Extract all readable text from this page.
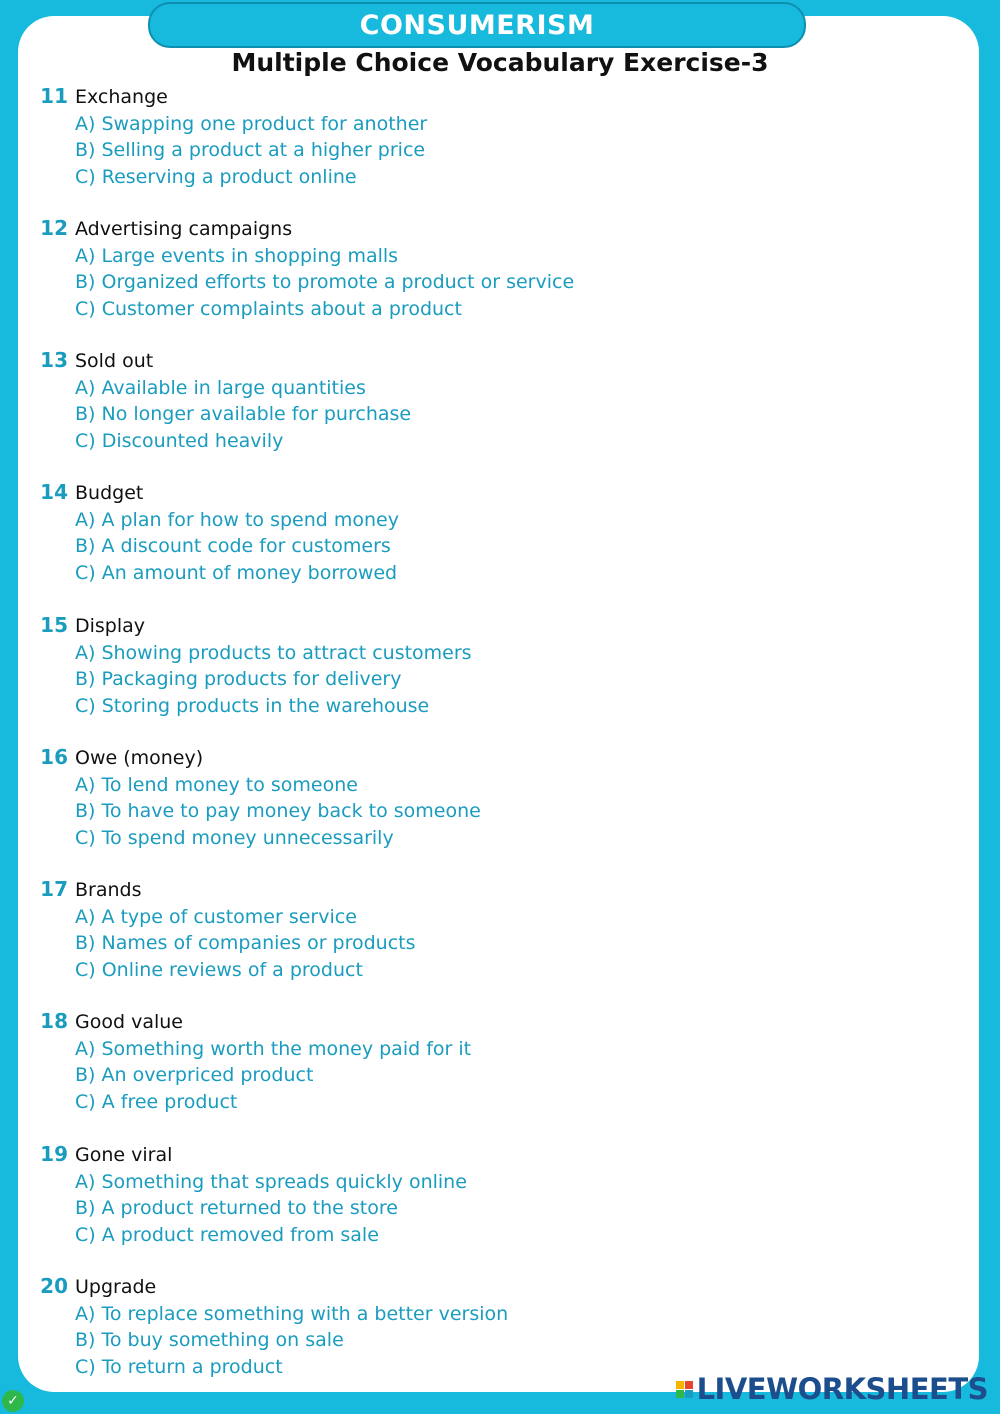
CONSUMERISM
Multiple Choice Vocabulary Exercise-3
11 Exchange
A) Swapping one product for another
B) Selling a product at a higher price
C) Reserving a product online
12 Advertising campaigns
A) Large events in shopping malls
B) Organized efforts to promote a product or service
C) Customer complaints about a product
13 Sold out
A) Available in large quantities
B) No longer available for purchase
C) Discounted heavily
14 Budget
A) A plan for how to spend money
B) A discount code for customers
C) An amount of money borrowed
15 Display
A) Showing products to attract customers
B) Packaging products for delivery
C) Storing products in the warehouse
16 Owe (money)
A) To lend money to someone
B) To have to pay money back to someone
C) To spend money unnecessarily
17 Brands
A) A type of customer service
B) Names of companies or products
C) Online reviews of a product
18 Good value
A) Something worth the money paid for it
B) An overpriced product
C) A free product
19 Gone viral
A) Something that spreads quickly online
B) A product returned to the store
C) A product removed from sale
20 Upgrade
A) To replace something with a better version
B) To buy something on sale
C) To return a product
LIVEWORKSHEETS
✓
